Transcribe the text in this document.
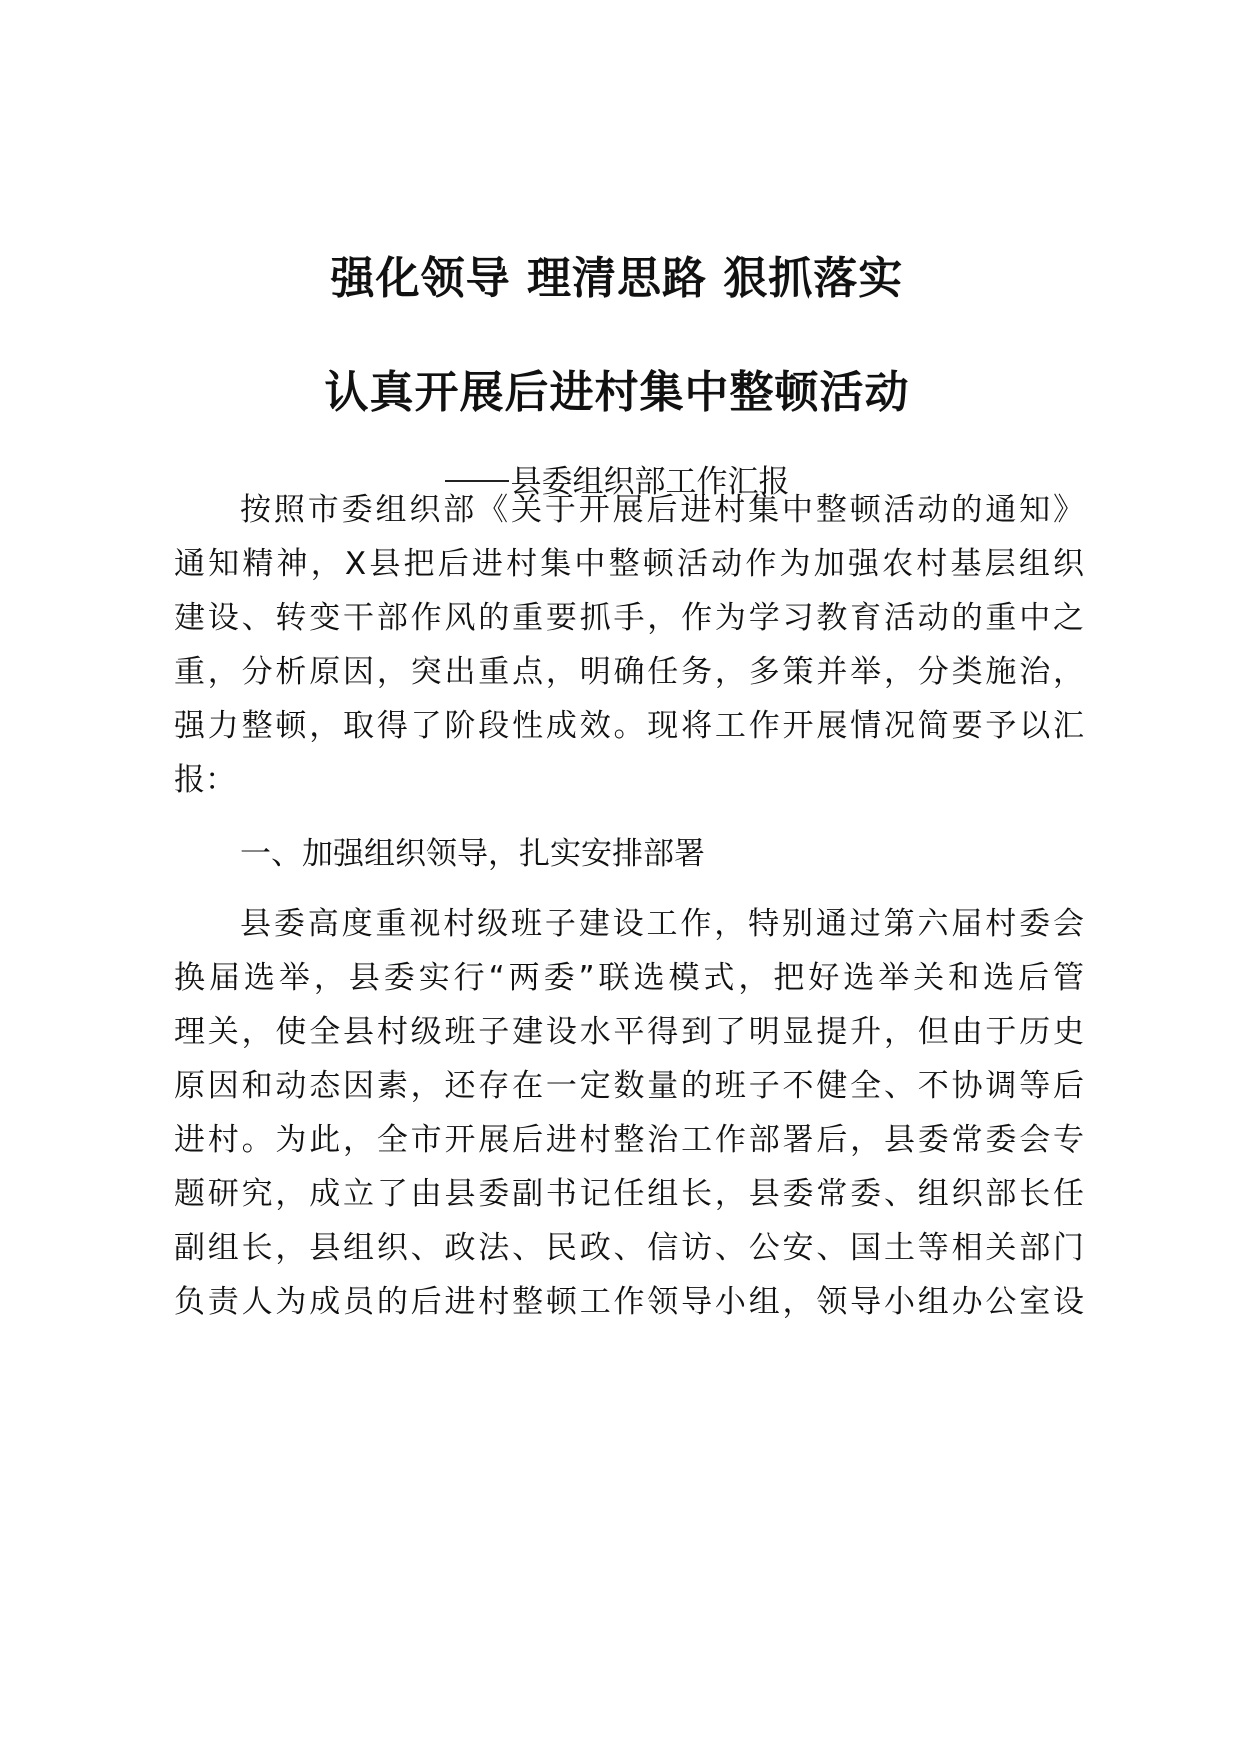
强化领导 理清思路 狠抓落实
认真开展后进村集中整顿活动
县委组织部工作汇报
按照市委组织部《关于开展后进村集中整顿活动的通知》
通知精神，X县把后进村集中整顿活动作为加强农村基层组织
建设、转变干部作风的重要抓手，作为学习教育活动的重中之
重，分析原因，突出重点，明确任务，多策并举，分类施治，
强力整顿，取得了阶段性成效。现将工作开展情况简要予以汇
报：
一、加强组织领导，扎实安排部署
县委高度重视村级班子建设工作，特别通过第六届村委会
换届选举，县委实行“两委”联选模式，把好选举关和选后管
理关，使全县村级班子建设水平得到了明显提升，但由于历史
原因和动态因素，还存在一定数量的班子不健全、不协调等后
进村。为此，全市开展后进村整治工作部署后，县委常委会专
题研究，成立了由县委副书记任组长，县委常委、组织部长任
副组长，县组织、政法、民政、信访、公安、国土等相关部门
负责人为成员的后进村整顿工作领导小组，领导小组办公室设
